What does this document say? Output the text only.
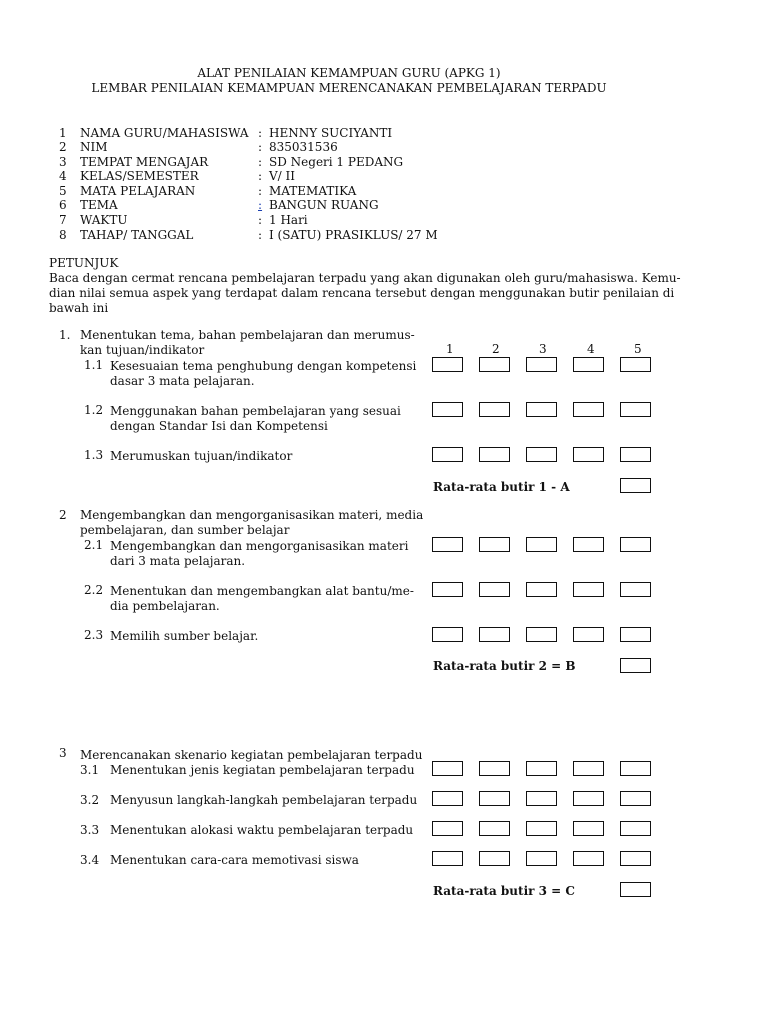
ALAT PENILAIAN KEMAMPUAN GURU (APKG 1)
LEMBAR PENILAIAN KEMAMPUAN MERENCANAKAN PEMBELAJARAN TERPADU
1 NAMA GURU/MAHASISWA : HENNY SUCIYANTI
2 NIM	: 835031536
3 TEMPAT MENGAJAR	: SD Negeri 1 PEDANG
4 KELAS/SEMESTER	: V/ II
5 MATA PELAJARAN	: MATEMATIKA
6 TEMA	: BANGUN RUANG
7 WAKTU	: 1 Hari
8 TAHAP/ TANGGAL	: I (SATU) PRASIKLUS/ 27 M
PETUNJUK
Baca dengan cermat rencana pembelajaran terpadu yang akan digunakan oleh guru/mahasiswa. Kemu-
dian nilai semua aspek yang terdapat dalam rencana tersebut dengan menggunakan butir penilaian di
bawah ini
1. Menentukan tema, bahan pembelajaran dan merumus-
kan tujuan/indikator	1	2	3	4	5
1.1 Kesesuaian tema penghubung dengan kompetensi
dasar 3 mata pelajaran.
1.2 Menggunakan bahan pembelajaran yang sesuai
dengan Standar Isi dan Kompetensi
1.3 Merumuskan tujuan/indikator
Rata-rata butir 1 - A
2 Mengembangkan dan mengorganisasikan materi, media
pembelajaran, dan sumber belajar
2.1 Mengembangkan dan mengorganisasikan materi
dari 3 mata pelajaran.
2.2 Menentukan dan mengembangkan alat bantu/me-
dia pembelajaran.
2.3 Memilih sumber belajar.
Rata-rata butir 2 = B
3 Merencanakan skenario kegiatan pembelajaran terpadu
3.1 Menentukan jenis kegiatan pembelajaran terpadu
3.2 Menyusun langkah-langkah pembelajaran terpadu
3.3 Menentukan alokasi waktu pembelajaran terpadu
3.4 Menentukan cara-cara memotivasi siswa
Rata-rata butir 3 = C
